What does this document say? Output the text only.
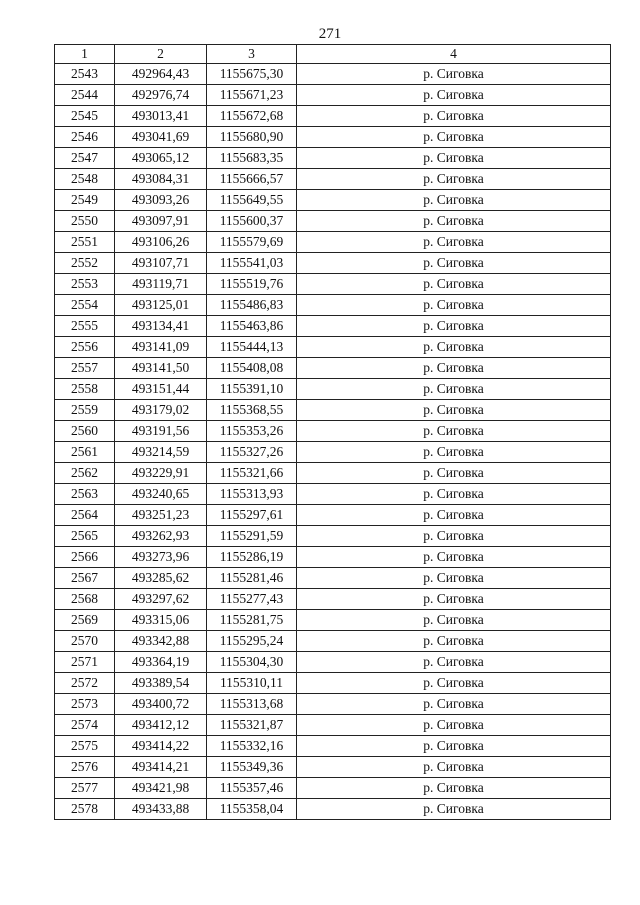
271
1	2	3	4
2543	492964,43	1155675,30	р. Сиговка
2544	492976,74	1155671,23	р. Сиговка
2545	493013,41	1155672,68	р. Сиговка
2546	493041,69	1155680,90	р. Сиговка
2547	493065,12	1155683,35	р. Сиговка
2548	493084,31	1155666,57	р. Сиговка
2549	493093,26	1155649,55	р. Сиговка
2550	493097,91	1155600,37	р. Сиговка
2551	493106,26	1155579,69	р. Сиговка
2552	493107,71	1155541,03	р. Сиговка
2553	493119,71	1155519,76	р. Сиговка
2554	493125,01	1155486,83	р. Сиговка
2555	493134,41	1155463,86	р. Сиговка
2556	493141,09	1155444,13	р. Сиговка
2557	493141,50	1155408,08	р. Сиговка
2558	493151,44	1155391,10	р. Сиговка
2559	493179,02	1155368,55	р. Сиговка
2560	493191,56	1155353,26	р. Сиговка
2561	493214,59	1155327,26	р. Сиговка
2562	493229,91	1155321,66	р. Сиговка
2563	493240,65	1155313,93	р. Сиговка
2564	493251,23	1155297,61	р. Сиговка
2565	493262,93	1155291,59	р. Сиговка
2566	493273,96	1155286,19	р. Сиговка
2567	493285,62	1155281,46	р. Сиговка
2568	493297,62	1155277,43	р. Сиговка
2569	493315,06	1155281,75	р. Сиговка
2570	493342,88	1155295,24	р. Сиговка
2571	493364,19	1155304,30	р. Сиговка
2572	493389,54	1155310,11	р. Сиговка
2573	493400,72	1155313,68	р. Сиговка
2574	493412,12	1155321,87	р. Сиговка
2575	493414,22	1155332,16	р. Сиговка
2576	493414,21	1155349,36	р. Сиговка
2577	493421,98	1155357,46	р. Сиговка
2578	493433,88	1155358,04	р. Сиговка
